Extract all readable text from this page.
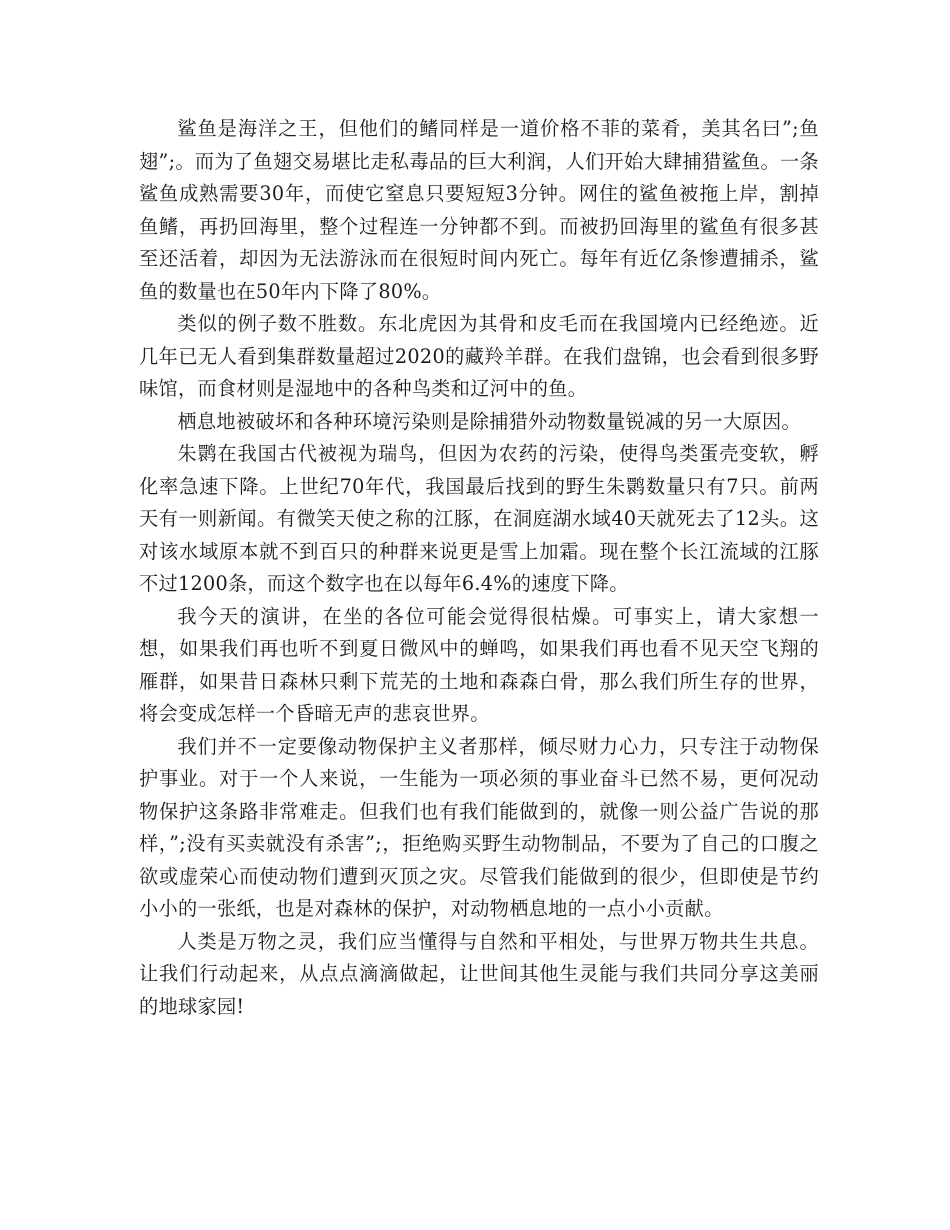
鲨鱼是海洋之王，但他们的鳍同样是一道价格不菲的菜肴，美其名曰”;鱼翅”;。而为了鱼翅交易堪比走私毒品的巨大利润，人们开始大肆捕猎鲨鱼。一条鲨鱼成熟需要30年，而使它窒息只要短短3分钟。网住的鲨鱼被拖上岸，割掉鱼鳍，再扔回海里，整个过程连一分钟都不到。而被扔回海里的鲨鱼有很多甚至还活着，却因为无法游泳而在很短时间内死亡。每年有近亿条惨遭捕杀，鲨鱼的数量也在50年内下降了80%。

类似的例子数不胜数。东北虎因为其骨和皮毛而在我国境内已经绝迹。近几年已无人看到集群数量超过2020的藏羚羊群。在我们盘锦，也会看到很多野味馆，而食材则是湿地中的各种鸟类和辽河中的鱼。

栖息地被破坏和各种环境污染则是除捕猎外动物数量锐减的另一大原因。

朱鹮在我国古代被视为瑞鸟，但因为农药的污染，使得鸟类蛋壳变软，孵化率急速下降。上世纪70年代，我国最后找到的野生朱鹮数量只有7只。前两天有一则新闻。有微笑天使之称的江豚，在洞庭湖水域40天就死去了12头。这对该水域原本就不到百只的种群来说更是雪上加霜。现在整个长江流域的江豚不过1200条，而这个数字也在以每年6.4%的速度下降。

我今天的演讲，在坐的各位可能会觉得很枯燥。可事实上，请大家想一想，如果我们再也听不到夏日微风中的蝉鸣，如果我们再也看不见天空飞翔的雁群，如果昔日森林只剩下荒芜的土地和森森白骨，那么我们所生存的世界，将会变成怎样一个昏暗无声的悲哀世界。

我们并不一定要像动物保护主义者那样，倾尽财力心力，只专注于动物保护事业。对于一个人来说，一生能为一项必须的事业奋斗已然不易，更何况动物保护这条路非常难走。但我们也有我们能做到的，就像一则公益广告说的那样，”;没有买卖就没有杀害”;，拒绝购买野生动物制品，不要为了自己的口腹之欲或虚荣心而使动物们遭到灭顶之灾。尽管我们能做到的很少，但即使是节约小小的一张纸，也是对森林的保护，对动物栖息地的一点小小贡献。

人类是万物之灵，我们应当懂得与自然和平相处，与世界万物共生共息。让我们行动起来，从点点滴滴做起，让世间其他生灵能与我们共同分享这美丽的地球家园!
